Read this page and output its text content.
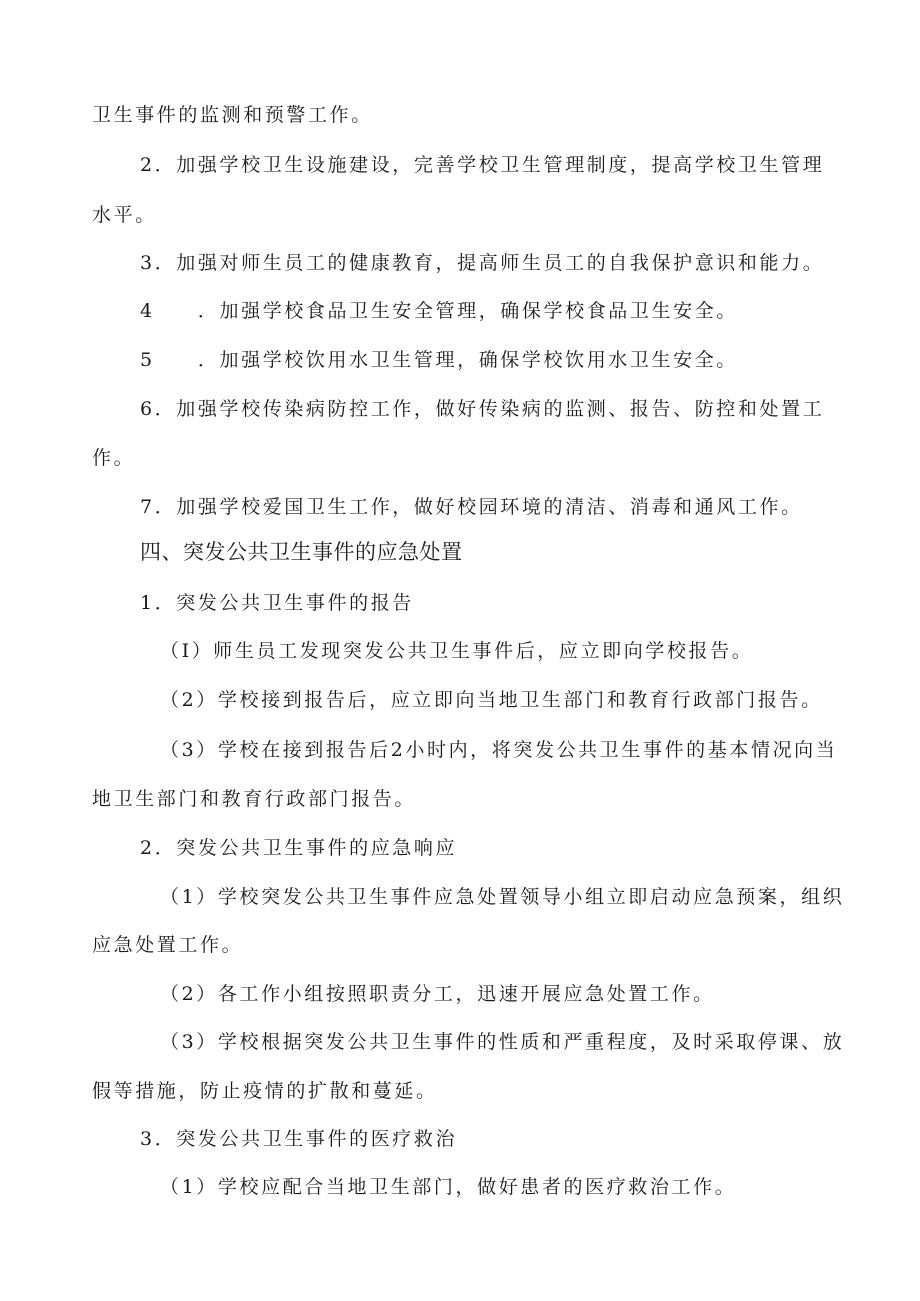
卫生事件的监测和预警工作。
2．加强学校卫生设施建设，完善学校卫生管理制度，提高学校卫生管理
水平。
3．加强对师生员工的健康教育，提高师生员工的自我保护意识和能力。
4　　．加强学校食品卫生安全管理，确保学校食品卫生安全。
5　　．加强学校饮用水卫生管理，确保学校饮用水卫生安全。
6．加强学校传染病防控工作，做好传染病的监测、报告、防控和处置工
作。
7．加强学校爱国卫生工作，做好校园环境的清洁、消毒和通风工作。
四、突发公共卫生事件的应急处置
1．突发公共卫生事件的报告
（I）师生员工发现突发公共卫生事件后，应立即向学校报告。
（2）学校接到报告后，应立即向当地卫生部门和教育行政部门报告。
（3）学校在接到报告后2小时内，将突发公共卫生事件的基本情况向当
地卫生部门和教育行政部门报告。
2．突发公共卫生事件的应急响应
（1）学校突发公共卫生事件应急处置领导小组立即启动应急预案，组织
应急处置工作。
（2）各工作小组按照职责分工，迅速开展应急处置工作。
（3）学校根据突发公共卫生事件的性质和严重程度，及时采取停课、放
假等措施，防止疫情的扩散和蔓延。
3．突发公共卫生事件的医疗救治
（1）学校应配合当地卫生部门，做好患者的医疗救治工作。
